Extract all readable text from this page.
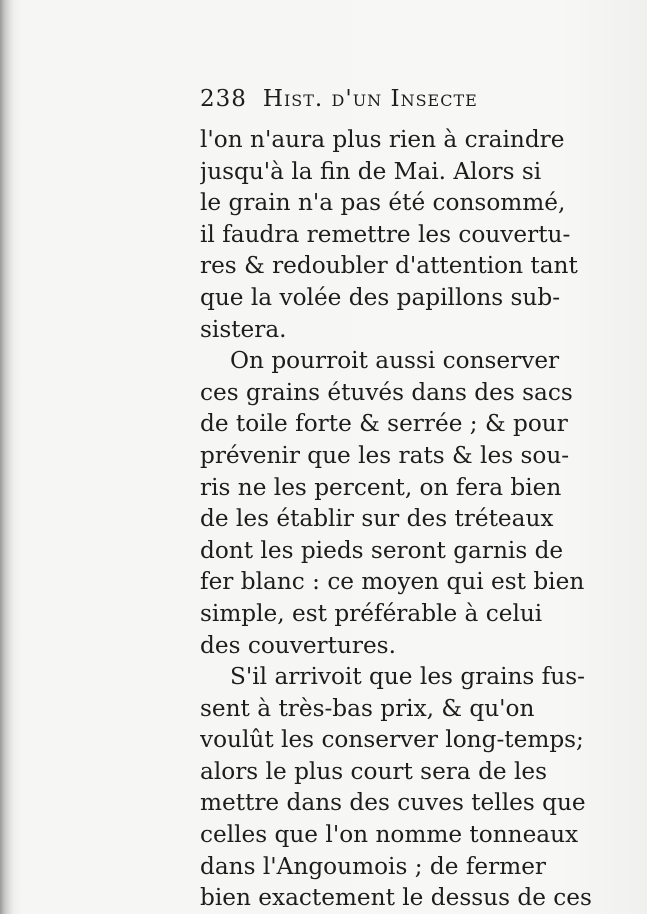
238 Hist. d'un Insecte
l'on n'aura plus rien à craindre
jusqu'à la fin de Mai. Alors si
le grain n'a pas été consommé,
il faudra remettre les couvertu-
res & redoubler d'attention tant
que la volée des papillons sub-
sistera.
On pourroit aussi conserver
ces grains étuvés dans des sacs
de toile forte & serrée ; & pour
prévenir que les rats & les sou-
ris ne les percent, on fera bien
de les établir sur des tréteaux
dont les pieds seront garnis de
fer blanc : ce moyen qui est bien
simple, est préférable à celui
des couvertures.
S'il arrivoit que les grains fus-
sent à très-bas prix, & qu'on
voulût les conserver long-temps;
alors le plus court sera de les
mettre dans des cuves telles que
celles que l'on nomme tonneaux
dans l'Angoumois ; de fermer
bien exactement le dessus de ces
